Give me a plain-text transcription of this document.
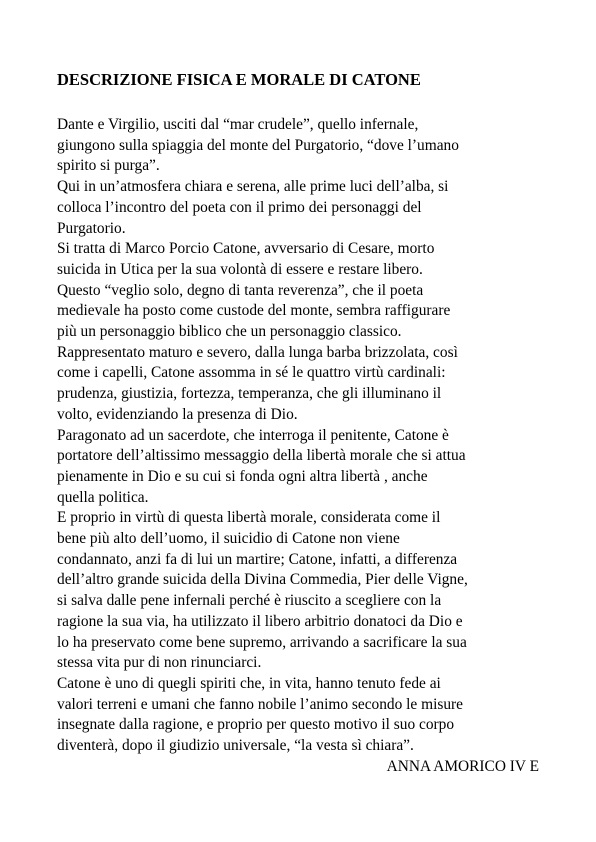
DESCRIZIONE FISICA E MORALE DI CATONE

Dante e Virgilio, usciti dal “mar crudele”, quello infernale,
giungono sulla spiaggia del monte del Purgatorio, “dove l’umano
spirito si purga”.
Qui in un’atmosfera chiara e serena, alle prime luci dell’alba, si
colloca l’incontro del poeta con il primo dei personaggi del
Purgatorio.
Si tratta di Marco Porcio Catone, avversario di Cesare, morto
suicida in Utica per la sua volontà di essere e restare libero.
Questo “veglio solo, degno di tanta reverenza”, che il poeta
medievale ha posto come custode del monte, sembra raffigurare
più un personaggio biblico che un personaggio classico.
Rappresentato maturo e severo, dalla lunga barba brizzolata, così
come i capelli, Catone assomma in sé le quattro virtù cardinali:
prudenza, giustizia, fortezza, temperanza, che gli illuminano il
volto, evidenziando la presenza di Dio.
Paragonato ad un sacerdote, che interroga il penitente, Catone è
portatore dell’altissimo messaggio della libertà morale che si attua
pienamente in Dio e su cui si fonda ogni altra libertà , anche
quella politica.
E proprio in virtù di questa libertà morale, considerata come il
bene più alto dell’uomo, il suicidio di Catone non viene
condannato, anzi fa di lui un martire; Catone, infatti, a differenza
dell’altro grande suicida della Divina Commedia, Pier delle Vigne,
si salva dalle pene infernali perché è riuscito a scegliere con la
ragione la sua via, ha utilizzato il libero arbitrio donatoci da Dio e
lo ha preservato come bene supremo, arrivando a sacrificare la sua
stessa vita pur di non rinunciarci.
Catone è uno di quegli spiriti che, in vita, hanno tenuto fede ai
valori terreni e umani che fanno nobile l’animo secondo le misure
insegnate dalla ragione, e proprio per questo motivo il suo corpo
diventerà, dopo il giudizio universale, “la vesta sì chiara”.

ANNA AMORICO IV E
